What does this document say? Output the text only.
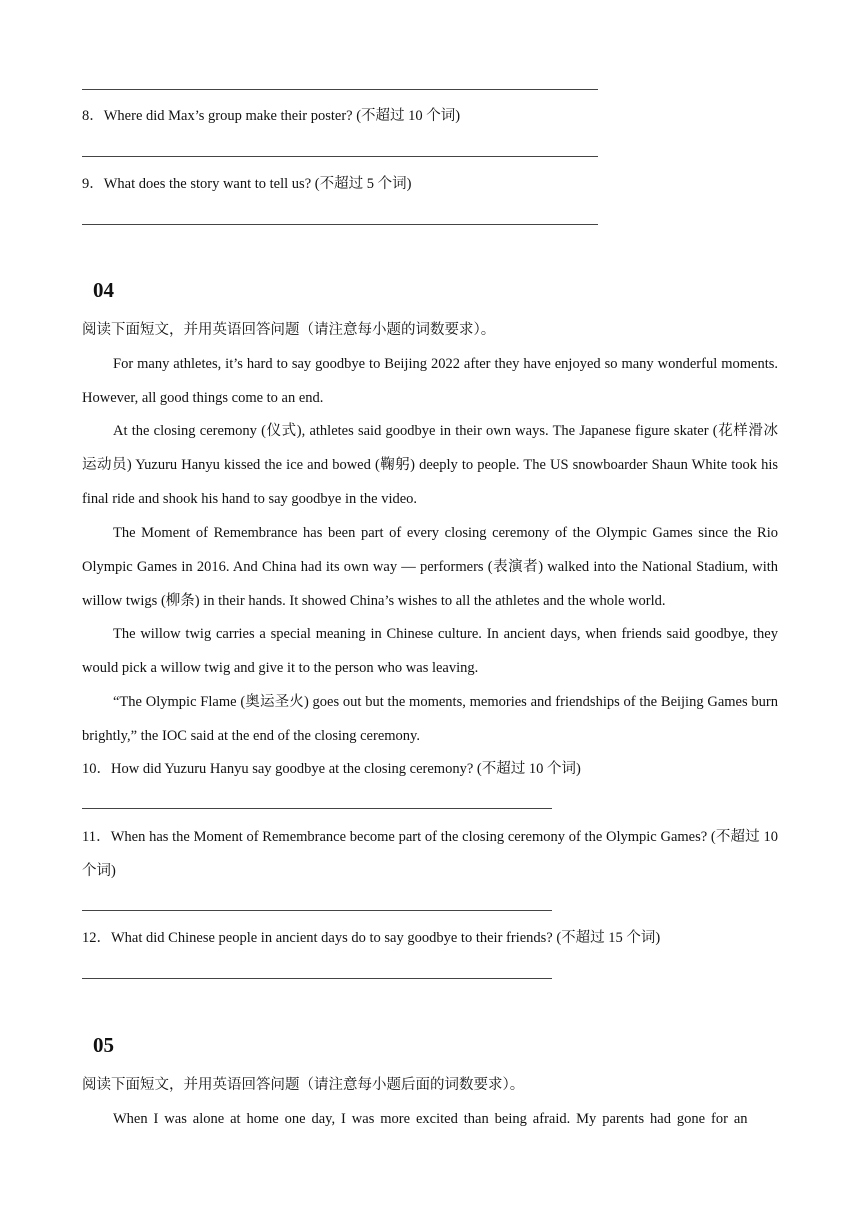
8．Where did Max’s group make their poster? (不超过 10 个词)
9．What does the story want to tell us? (不超过 5 个词)
04
阅读下面短文，并用英语回答问题（请注意每小题的词数要求）。
For many athletes, it’s hard to say goodbye to Beijing 2022 after they have enjoyed so many wonderful moments. However, all good things come to an end.
At the closing ceremony (仪式), athletes said goodbye in their own ways. The Japanese figure skater (花样滑冰运动员) Yuzuru Hanyu kissed the ice and bowed (鞠躬) deeply to people. The US snowboarder Shaun White took his final ride and shook his hand to say goodbye in the video.
The Moment of Remembrance has been part of every closing ceremony of the Olympic Games since the Rio Olympic Games in 2016. And China had its own way — performers (表演者) walked into the National Stadium, with willow twigs (柳条) in their hands. It showed China’s wishes to all the athletes and the whole world.
The willow twig carries a special meaning in Chinese culture. In ancient days, when friends said goodbye, they would pick a willow twig and give it to the person who was leaving.
“The Olympic Flame (奥运圣火) goes out but the moments, memories and friendships of the Beijing Games burn brightly,” the IOC said at the end of the closing ceremony.
10．How did Yuzuru Hanyu say goodbye at the closing ceremony? (不超过 10 个词)
11．When has the Moment of Remembrance become part of the closing ceremony of the Olympic Games? (不超过 10 个词)
12．What did Chinese people in ancient days do to say goodbye to their friends? (不超过 15 个词)
05
阅读下面短文，并用英语回答问题（请注意每小题后面的词数要求）。
When I was alone at home one day, I was more excited than being afraid. My parents had gone for an
